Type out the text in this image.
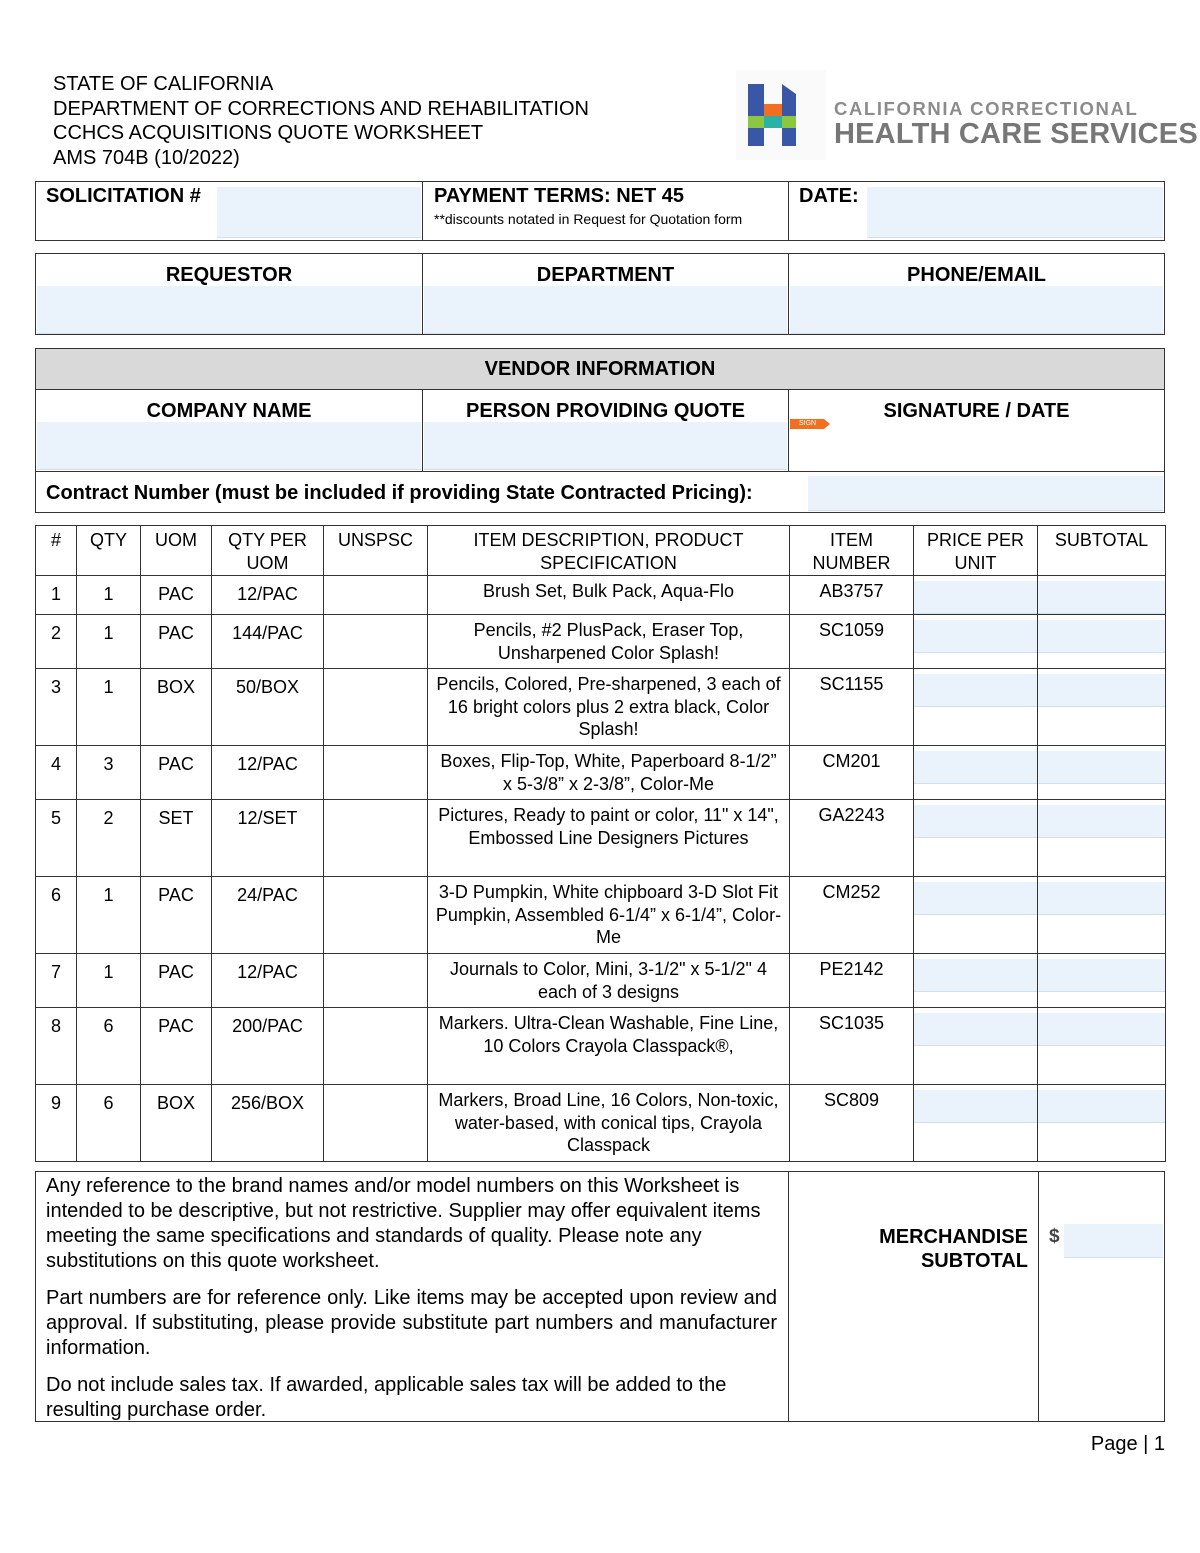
STATE OF CALIFORNIA
DEPARTMENT OF CORRECTIONS AND REHABILITATION
CCHCS ACQUISITIONS QUOTE WORKSHEET
AMS 704B (10/2022)
CALIFORNIA CORRECTIONAL
HEALTH CARE SERVICES
SOLICITATION #	PAYMENT TERMS: NET 45
**discounts notated in Request for Quotation form
DATE:
REQUESTOR	DEPARTMENT	PHONE/EMAIL
VENDOR INFORMATION
COMPANY NAME	PERSON PROVIDING QUOTE	SIGNATURE / DATE
SIGN
Contract Number (must be included if providing State Contracted Pricing):
#	QTY	UOM	QTY PER UOM	UNSPSC	ITEM DESCRIPTION, PRODUCT SPECIFICATION	ITEM NUMBER	PRICE PER UNIT	SUBTOTAL
1	1	PAC	12/PAC		Brush Set, Bulk Pack, Aqua-Flo	AB3757	

2	1	PAC	144/PAC		Pencils, #2 PlusPack, Eraser Top, Unsharpened Color Splash!	SC1059	

3	1	BOX	50/BOX		Pencils, Colored, Pre-sharpened, 3 each of 16 bright colors plus 2 extra black, Color Splash!	SC1155	

4	3	PAC	12/PAC		Boxes, Flip-Top, White, Paperboard 8-1/2” x 5-3/8” x 2-3/8”, Color-Me	CM201	

5	2	SET	12/SET		Pictures, Ready to paint or color, 11" x 14", Embossed Line Designers Pictures	GA2243	

6	1	PAC	24/PAC		3-D Pumpkin, White chipboard 3-D Slot Fit Pumpkin, Assembled 6-1/4” x 6-1/4”, Color-Me	CM252	

7	1	PAC	12/PAC		Journals to Color, Mini, 3-1/2" x 5-1/2" 4 each of 3 designs	PE2142	

8	6	PAC	200/PAC		Markers. Ultra-Clean Washable, Fine Line, 10 Colors Crayola Classpack®,	SC1035	

9	6	BOX	256/BOX		Markers, Broad Line, 16 Colors, Non-toxic, water-based, with conical tips, Crayola Classpack	SC809	

Any reference to the brand names and/or model numbers on this Worksheet is intended to be descriptive, but not restrictive. Supplier may offer equivalent items meeting the same specifications and standards of quality. Please note any substitutions on this quote worksheet.

Part numbers are for reference only. Like items may be accepted upon review and approval. If substituting, please provide substitute part numbers and manufacturer information.

Do not include sales tax. If awarded, applicable sales tax will be added to the resulting purchase order.

MERCHANDISE
SUBTOTAL
$
Page | 1
